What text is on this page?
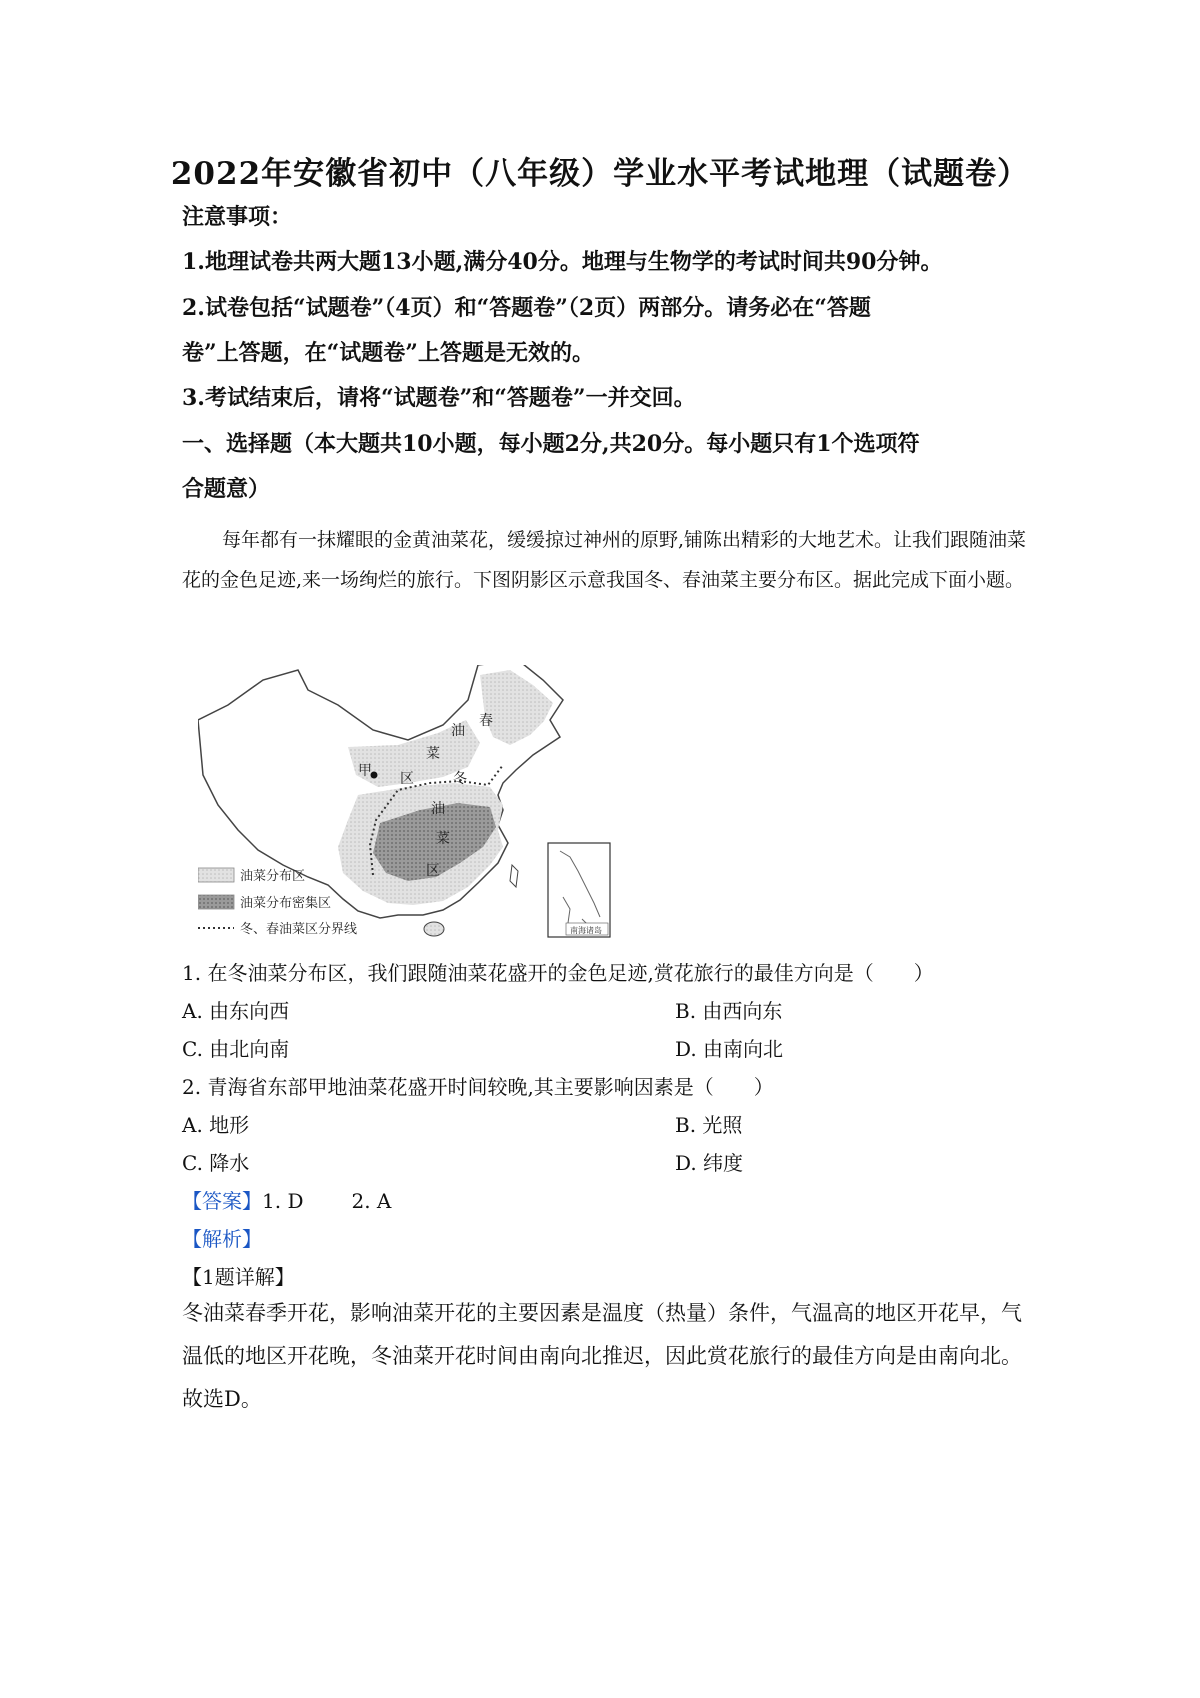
2022年安徽省初中（八年级）学业水平考试地理（试题卷）
注意事项：
1.地理试卷共两大题13小题,满分40分。地理与生物学的考试时间共90分钟。
2.试卷包括“试题卷”（4页）和“答题卷”（2页）两部分。请务必在“答题
卷”上答题，在“试题卷”上答题是无效的。
3.考试结束后，请将“试题卷”和“答题卷”一并交回。
一、选择题（本大题共10小题，每小题2分,共20分。每小题只有1个选项符
合题意）
每年都有一抹耀眼的金黄油菜花，缓缓掠过神州的原野,铺陈出精彩的大地艺术。让我们跟随油菜花的金色足迹,来一场绚烂的旅行。下图阴影区示意我国冬、春油菜主要分布区。据此完成下面小题。
春
油
菜
区
甲	冬
油
菜
区
油菜分布区
油菜分布密集区
冬、春油菜区分界线	南海诸岛
1. 在冬油菜分布区，我们跟随油菜花盛开的金色足迹,赏花旅行的最佳方向是（　　）
A. 由东向西	B. 由西向东
C. 由北向南	D. 由南向北
2. 青海省东部甲地油菜花盛开时间较晚,其主要影响因素是（　　）
A. 地形	B. 光照
C. 降水	D. 纬度
【答案】1. D 2. A
【解析】
【1题详解】
冬油菜春季开花，影响油菜开花的主要因素是温度（热量）条件，气温高的地区开花早，气
温低的地区开花晚，冬油菜开花时间由南向北推迟，因此赏花旅行的最佳方向是由南向北。
故选D。
